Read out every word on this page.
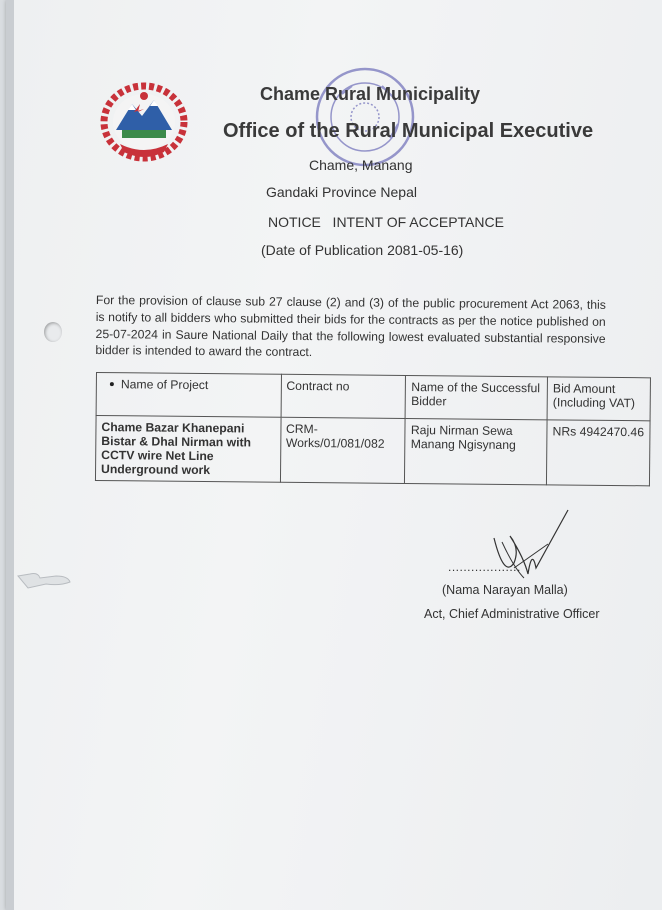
Chame Rural Municipality
Office of the Rural Municipal Executive
Chame, Manang
Gandaki Province Nepal
NOTICE   INTENT OF ACCEPTANCE
(Date of Publication 2081-05-16)
For the provision of clause sub 27 clause (2) and (3) of the public procurement Act 2063, this is notify to all bidders who submitted their bids for the contracts as per the notice published on 25-07-2024 in Saure National Daily that the following lowest evaluated substantial responsive bidder is intended to award the contract.
Name of Project	Contract no	Name of the Successful Bidder	Bid Amount (Including VAT)
Chame Bazar Khanepani Bistar & Dhal Nirman with CCTV wire Net Line Underground work	CRM-Works/01/081/082	Raju Nirman Sewa Manang Ngisynang	NRs 4942470.46
...................
(Nama Narayan Malla)
Act, Chief Administrative Officer
